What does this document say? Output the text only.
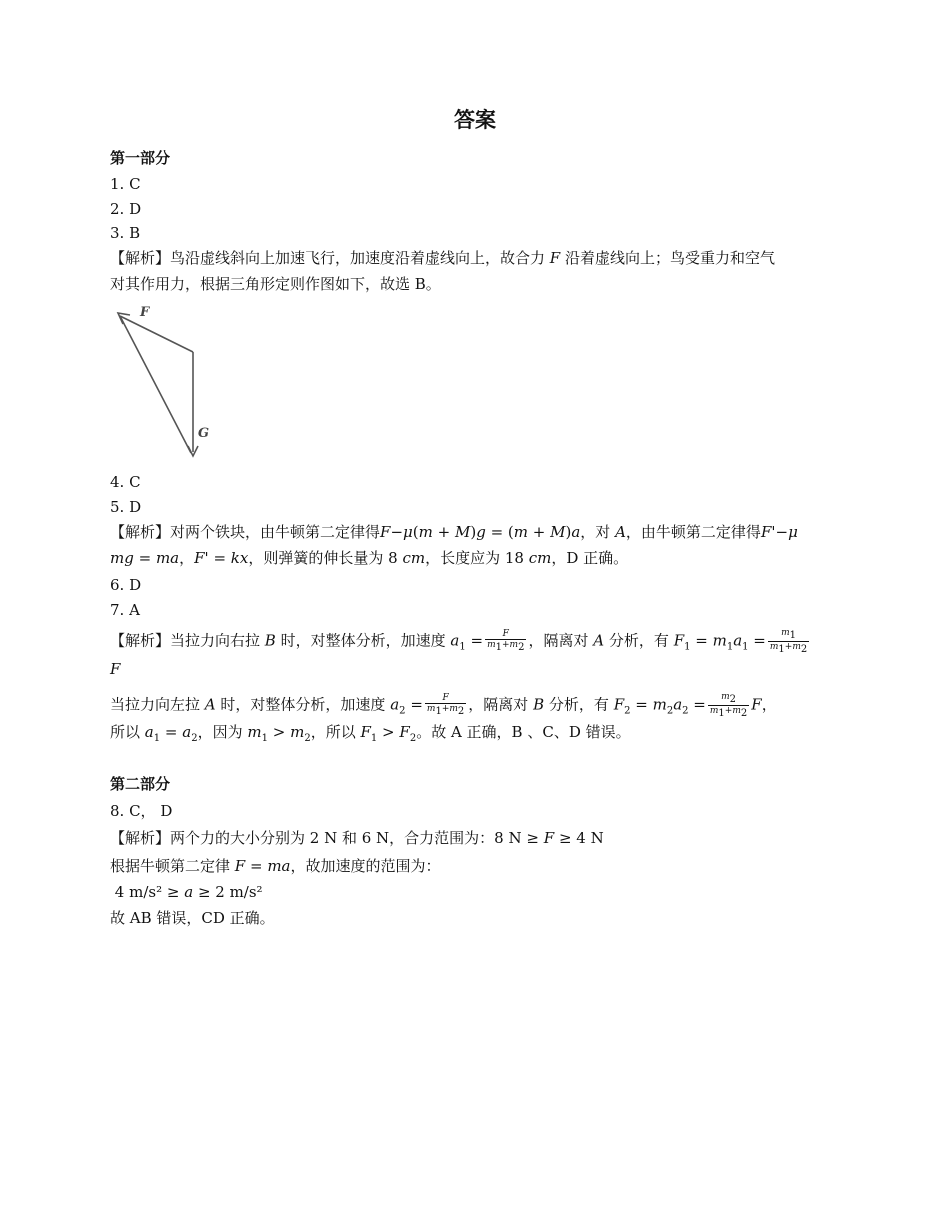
答案
第一部分
1. C
2. D
3. B
【解析】鸟沿虚线斜向上加速飞行，加速度沿着虚线向上，故合力 F 沿着虚线向上；鸟受重力和空气
对其作用力，根据三角形定则作图如下，故选 B。
F
G
4. C
5. D
【解析】对两个铁块，由牛顿第二定律得F−μ(m + M)g = (m + M)a，对 A，由牛顿第二定律得F'−μ
mg = ma，F' = kx，则弹簧的伸长量为 8 cm，长度应为 18 cm，D 正确。
6. D
7. A
【解析】当拉力向右拉 B 时，对整体分析，加速度 $a_1 = \frac{F}{m_1+m_2}$ ，隔离对 A 分析，有 $F_1 = m_1a_1 = \frac{m_1}{m_1+m_2}$
F
当拉力向左拉 A 时，对整体分析，加速度 $a_2 = \frac{F}{m_1+m_2}$ ，隔离对 B 分析，有 $F_2 = m_2a_2 = \frac{m_2}{m_1+m_2}$ F，
所以 $a_1 = a_2$，因为 $m_1 > m_2$，所以 $F_1 > F_2$。故 A 正确，B 、C、D 错误。
第二部分
8. C， D
【解析】两个力的大小分别为 2 N 和 6 N，合力范围为：8 N ≥ F ≥ 4 N
根据牛顿第二定律 F = ma，故加速度的范围为：
4 m/s² ≥ a ≥ 2 m/s²
故 AB 错误，CD 正确。
